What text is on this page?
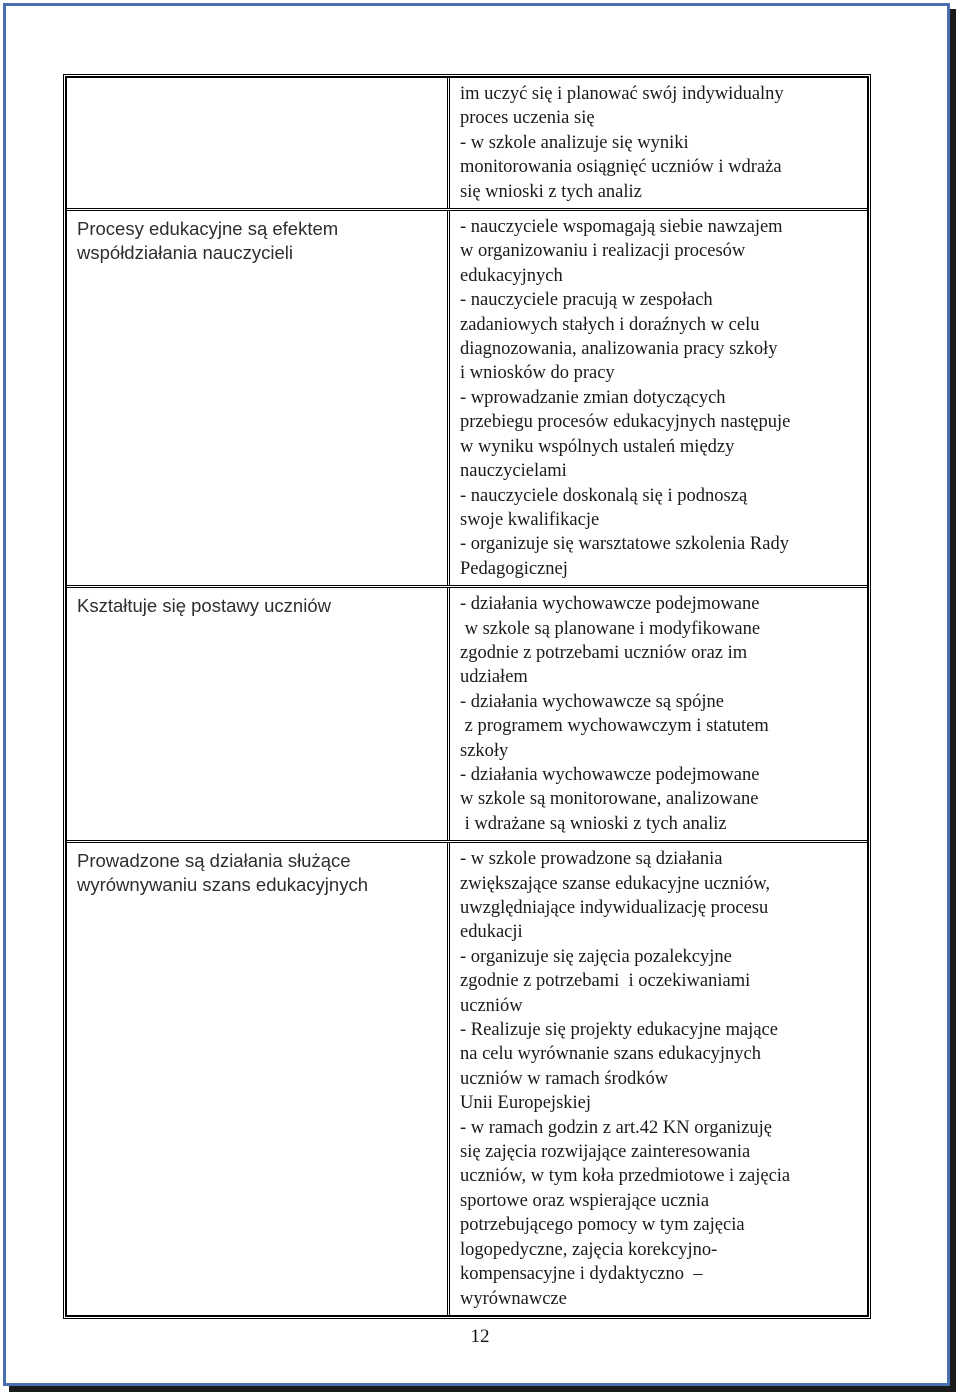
im uczyć się i planować swój indywidualny
proces uczenia się
- w szkole analizuje się wyniki
monitorowania osiągnięć uczniów i wdraża
się wnioski z tych analiz
Procesy edukacyjne są efektem
współdziałania nauczycieli
- nauczyciele wspomagają siebie nawzajem
w organizowaniu i realizacji procesów
edukacyjnych
- nauczyciele pracują w zespołach
zadaniowych stałych i doraźnych w celu
diagnozowania, analizowania pracy szkoły
i wniosków do pracy
- wprowadzanie zmian dotyczących
przebiegu procesów edukacyjnych następuje
w wyniku wspólnych ustaleń między
nauczycielami
- nauczyciele doskonalą się i podnoszą
swoje kwalifikacje
- organizuje się warsztatowe szkolenia Rady
Pedagogicznej
Kształtuje się postawy uczniów	- działania wychowawcze podejmowane
w szkole są planowane i modyfikowane
zgodnie z potrzebami uczniów oraz im
udziałem
- działania wychowawcze są spójne
z programem wychowawczym i statutem
szkoły
- działania wychowawcze podejmowane
w szkole są monitorowane, analizowane
i wdrażane są wnioski z tych analiz
Prowadzone są działania służące
wyrównywaniu szans edukacyjnych
- w szkole prowadzone są działania
zwiększające szanse edukacyjne uczniów,
uwzględniające indywidualizację procesu
edukacji
- organizuje się zajęcia pozalekcyjne
zgodnie z potrzebami  i oczekiwaniami
uczniów
- Realizuje się projekty edukacyjne mające
na celu wyrównanie szans edukacyjnych
uczniów w ramach środków
Unii Europejskiej
- w ramach godzin z art.42 KN organizuję
się zajęcia rozwijające zainteresowania
uczniów, w tym koła przedmiotowe i zajęcia
sportowe oraz wspierające ucznia
potrzebującego pomocy w tym zajęcia
logopedyczne, zajęcia korekcyjno-
kompensacyjne i dydaktyczno  –
wyrównawcze
12
